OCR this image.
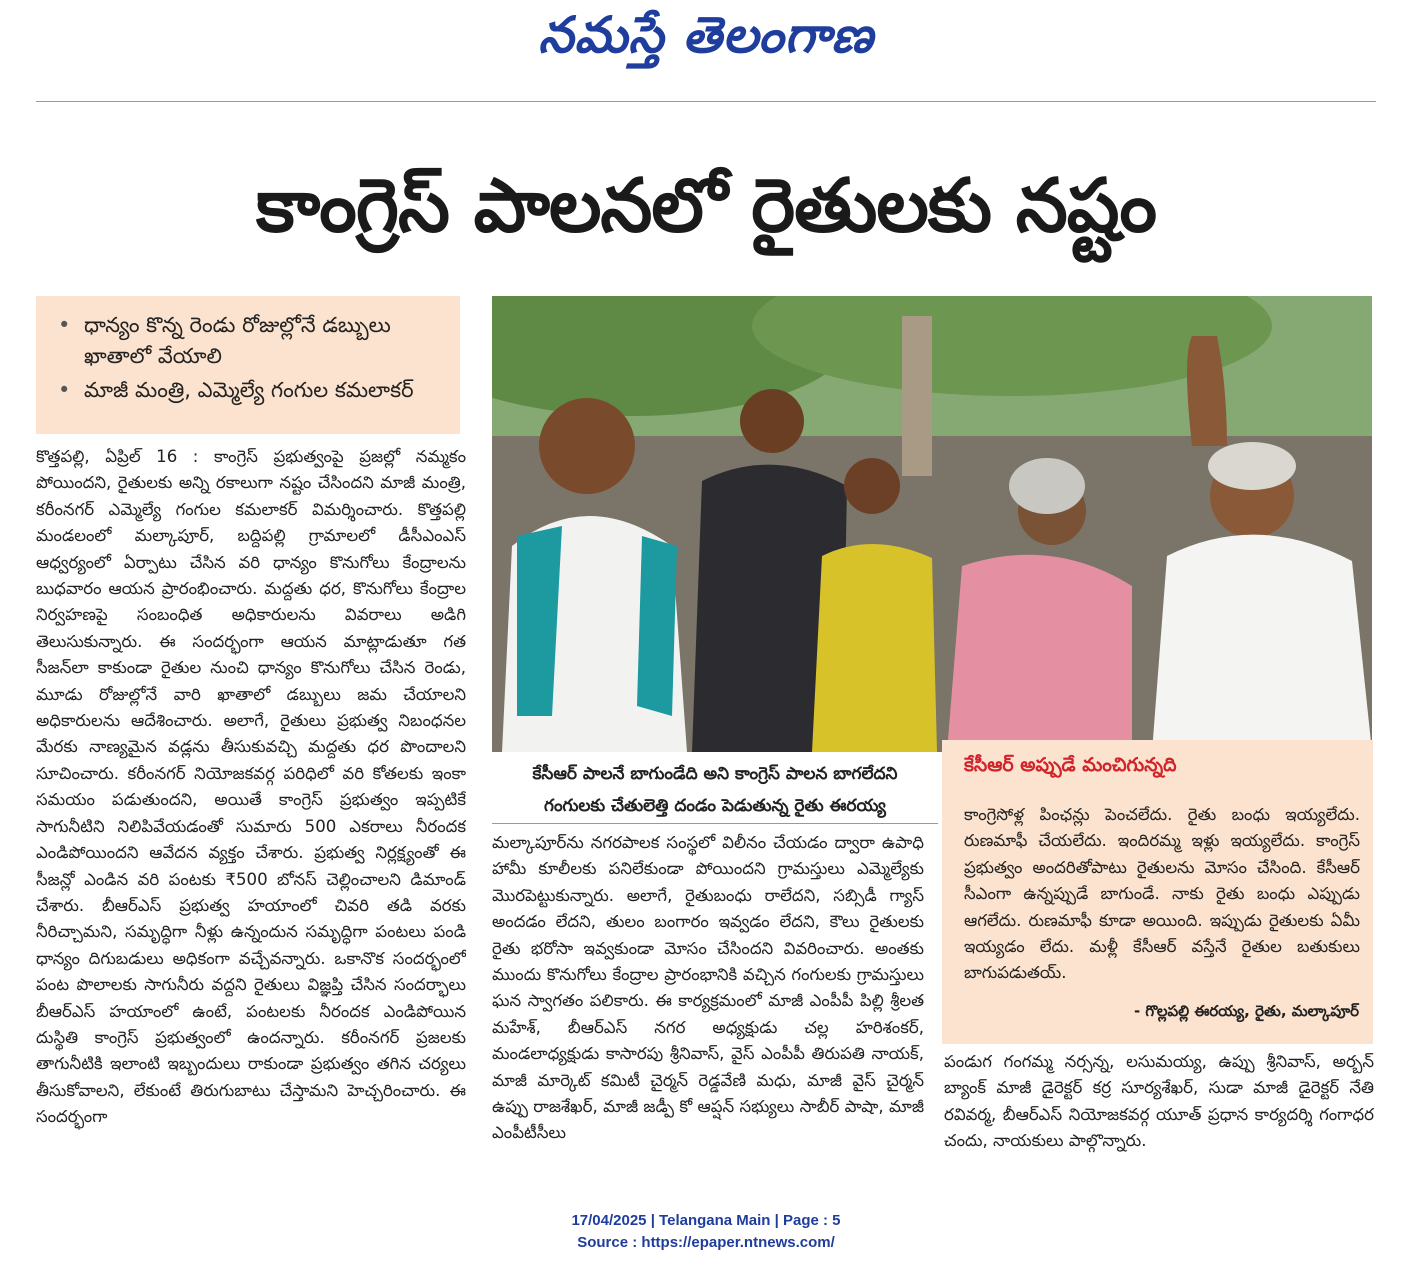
నమస్తే తెలంగాణ
కాంగ్రెస్ పాలనలో రైతులకు నష్టం
• ధాన్యం కొన్న రెండు రోజుల్లోనే డబ్బులు ఖాతాలో వేయాలి
• మాజీ మంత్రి, ఎమ్మెల్యే గంగుల కమలాకర్

కొత్తపల్లి, ఏప్రిల్ 16 : కాంగ్రెస్ ప్రభుత్వంపై ప్రజల్లో నమ్మకం పోయిందని, రైతులకు అన్ని రకాలుగా నష్టం చేసిందని మాజీ మంత్రి, కరీంనగర్ ఎమ్మెల్యే గంగుల కమలాకర్ విమర్శించారు. కొత్తపల్లి మండలంలో మల్కాపూర్, బద్దిపల్లి గ్రామాలలో డీసీఎంఎస్ ఆధ్వర్యంలో ఏర్పాటు చేసిన వరి ధాన్యం కొనుగోలు కేంద్రాలను బుధవారం ఆయన ప్రారంభించారు. మద్దతు ధర, కొనుగోలు కేంద్రాల నిర్వహణపై సంబంధిత అధికారులను వివరాలు అడిగి తెలుసుకున్నారు. ఈ సందర్భంగా ఆయన మాట్లాడుతూ గత సీజన్‌లా కాకుండా రైతుల నుంచి ధాన్యం కొనుగోలు చేసిన రెండు, మూడు రోజుల్లోనే వారి ఖాతాలో డబ్బులు జమ చేయాలని అధికారులను ఆదేశించారు. అలాగే, రైతులు ప్రభుత్వ నిబంధనల మేరకు నాణ్యమైన వడ్లను తీసుకువచ్చి మద్దతు ధర పొందాలని సూచించారు. కరీంనగర్ నియోజకవర్గ పరిధిలో వరి కోతలకు ఇంకా సమయం పడుతుందని, అయితే కాంగ్రెస్ ప్రభుత్వం ఇప్పటికే సాగునీటిని నిలిపివేయడంతో సుమారు 500 ఎకరాలు నీరందక ఎండిపోయిందని ఆవేదన వ్యక్తం చేశారు. ప్రభుత్వ నిర్లక్ష్యంతో ఈ సీజన్లో ఎండిన వరి పంటకు ₹500 బోనస్ చెల్లించాలని డిమాండ్ చేశారు. బీఆర్ఎస్ ప్రభుత్వ హయాంలో చివరి తడి వరకు నీరిచ్చామని, సమృద్ధిగా నీళ్లు ఉన్నందున సమృద్ధిగా పంటలు పండి ధాన్యం దిగుబడులు అధికంగా వచ్చేవన్నారు. ఒకానొక సందర్భంలో పంట పొలాలకు సాగునీరు వద్దని రైతులు విజ్ఞప్తి చేసిన సందర్భాలు బీఆర్ఎస్ హయాంలో ఉంటే, పంటలకు నీరందక ఎండిపోయిన దుస్థితి కాంగ్రెస్ ప్రభుత్వంలో ఉందన్నారు. కరీంనగర్ ప్రజలకు తాగునీటికి ఇలాంటి ఇబ్బందులు రాకుండా ప్రభుత్వం తగిన చర్యలు తీసుకోవాలని, లేకుంటే తిరుగుబాటు చేస్తామని హెచ్చరించారు. ఈ సందర్భంగా

కేసీఆర్ పాలనే బాగుండేది అని కాంగ్రెస్ పాలన బాగలేదని
గంగులకు చేతులెత్తి దండం పెడుతున్న రైతు ఈరయ్య

మల్కాపూర్‌ను నగరపాలక సంస్థలో విలీనం చేయడం ద్వారా ఉపాధి హామీ కూలీలకు పనిలేకుండా పోయిందని గ్రామస్తులు ఎమ్మెల్యేకు మొరపెట్టుకున్నారు. అలాగే, రైతుబంధు రాలేదని, సబ్సిడీ గ్యాస్ అందడం లేదని, తులం బంగారం ఇవ్వడం లేదని, కౌలు రైతులకు రైతు భరోసా ఇవ్వకుండా మోసం చేసిందని వివరించారు. అంతకు ముందు కొనుగోలు కేంద్రాల ప్రారంభానికి వచ్చిన గంగులకు గ్రామస్తులు ఘన స్వాగతం పలికారు. ఈ కార్యక్రమంలో మాజీ ఎంపీపీ పిల్లి శ్రీలత మహేశ్, బీఆర్ఎస్ నగర అధ్యక్షుడు చల్ల హరిశంకర్, మండలాధ్యక్షుడు కాసారపు శ్రీనివాస్, వైస్ ఎంపీపీ తిరుపతి నాయక్, మాజీ మార్కెట్ కమిటీ చైర్మన్ రెడ్డవేణి మధు, మాజీ వైస్ చైర్మన్ ఉప్పు రాజశేఖర్, మాజీ జడ్పీ కో ఆప్షన్ సభ్యులు సాబీర్ పాషా, మాజీ ఎంపీటీసీలు

కేసీఆర్ అప్పుడే మంచిగున్నది
కాంగ్రెసోళ్ల పింఛన్లు పెంచలేదు. రైతు బంధు ఇయ్యలేదు. రుణమాఫీ చేయలేదు. ఇందిరమ్మ ఇళ్లు ఇయ్యలేదు. కాంగ్రెస్ ప్రభుత్వం అందరితోపాటు రైతులను మోసం చేసింది. కేసీఆర్ సీఎంగా ఉన్నప్పుడే బాగుండే. నాకు రైతు బంధు ఎప్పుడు ఆగలేదు. రుణమాఫీ కూడా అయింది. ఇప్పుడు రైతులకు ఏమీ ఇయ్యడం లేదు. మళ్లీ కేసీఆర్ వస్తేనే రైతుల బతుకులు బాగుపడుతయ్.
- గొల్లపల్లి ఈరయ్య, రైతు, మల్కాపూర్

పండుగ గంగమ్మ నర్సన్న, లసుమయ్య, ఉప్పు శ్రీనివాస్, అర్బన్ బ్యాంక్ మాజీ డైరెక్టర్ కర్ర సూర్యశేఖర్, సుడా మాజీ డైరెక్టర్ నేతి రవివర్మ, బీఆర్ఎస్ నియోజకవర్గ యూత్ ప్రధాన కార్యదర్శి గంగాధర చందు, నాయకులు పాల్గొన్నారు.

17/04/2025 | Telangana Main | Page : 5
Source : https://epaper.ntnews.com/
